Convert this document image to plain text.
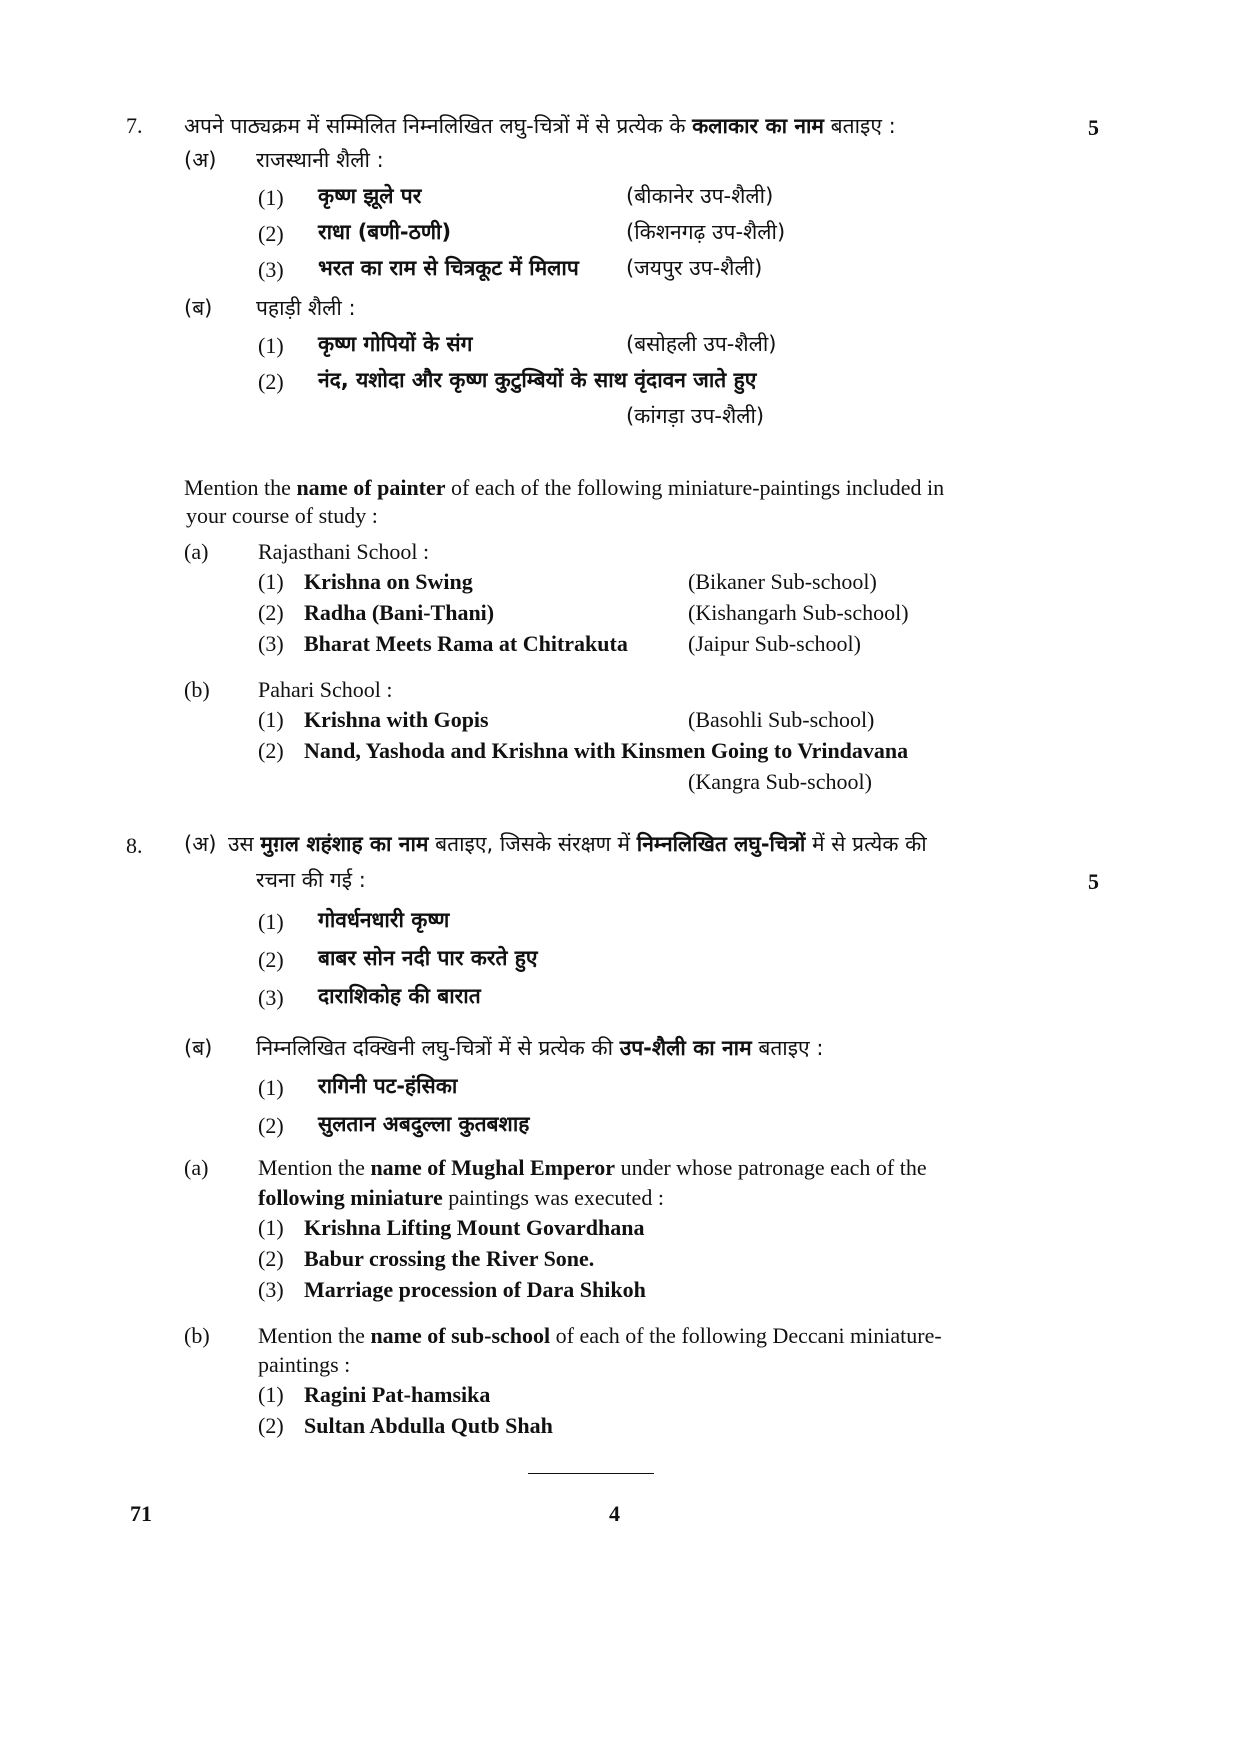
7. अपने पाठ्यक्रम में सम्मिलित निम्नलिखित लघु-चित्रों में से प्रत्येक के कलाकार का नाम बताइए :	5
(अ) राजस्थानी शैली :
(1) कृष्ण झूले पर	(बीकानेर उप-शैली)
(2) राधा (बणी-ठणी)	(किशनगढ़ उप-शैली)
(3) भरत का राम से चित्रकूट में मिलाप (जयपुर उप-शैली)
(ब) पहाड़ी शैली :
(1) कृष्ण गोपियों के संग	(बसोहली उप-शैली)
(2) नंद, यशोदा और कृष्ण कुटुम्बियों के साथ वृंदावन जाते हुए
(कांगड़ा उप-शैली)
Mention the name of painter of each of the following miniature-paintings included in
your course of study :
(a) Rajasthani School :
(1) Krishna on Swing	(Bikaner Sub-school)
(2) Radha (Bani-Thani)	(Kishangarh Sub-school)
(3) Bharat Meets Rama at Chitrakuta	(Jaipur Sub-school)
(b) Pahari School :
(1) Krishna with Gopis	(Basohli Sub-school)
(2) Nand, Yashoda and Krishna with Kinsmen Going to Vrindavana
(Kangra Sub-school)
8. (अ) उस मुग़ल शहंशाह का नाम बताइए, जिसके संरक्षण में निम्नलिखित लघु-चित्रों में से प्रत्येक की
रचना की गई :	5
(1) गोवर्धनधारी कृष्ण
(2) बाबर सोन नदी पार करते हुए
(3) दाराशिकोह की बारात
(ब) निम्नलिखित दक्खिनी लघु-चित्रों में से प्रत्येक की उप-शैली का नाम बताइए :
(1) रागिनी पट-हंसिका
(2) सुलतान अबदुल्ला कुतबशाह
(a) Mention the name of Mughal Emperor under whose patronage each of the
following miniature paintings was executed :
(1) Krishna Lifting Mount Govardhana
(2) Babur crossing the River Sone.
(3) Marriage procession of Dara Shikoh
(b) Mention the name of sub-school of each of the following Deccani miniature-
paintings :
(1) Ragini Pat-hamsika
(2) Sultan Abdulla Qutb Shah
71	4
